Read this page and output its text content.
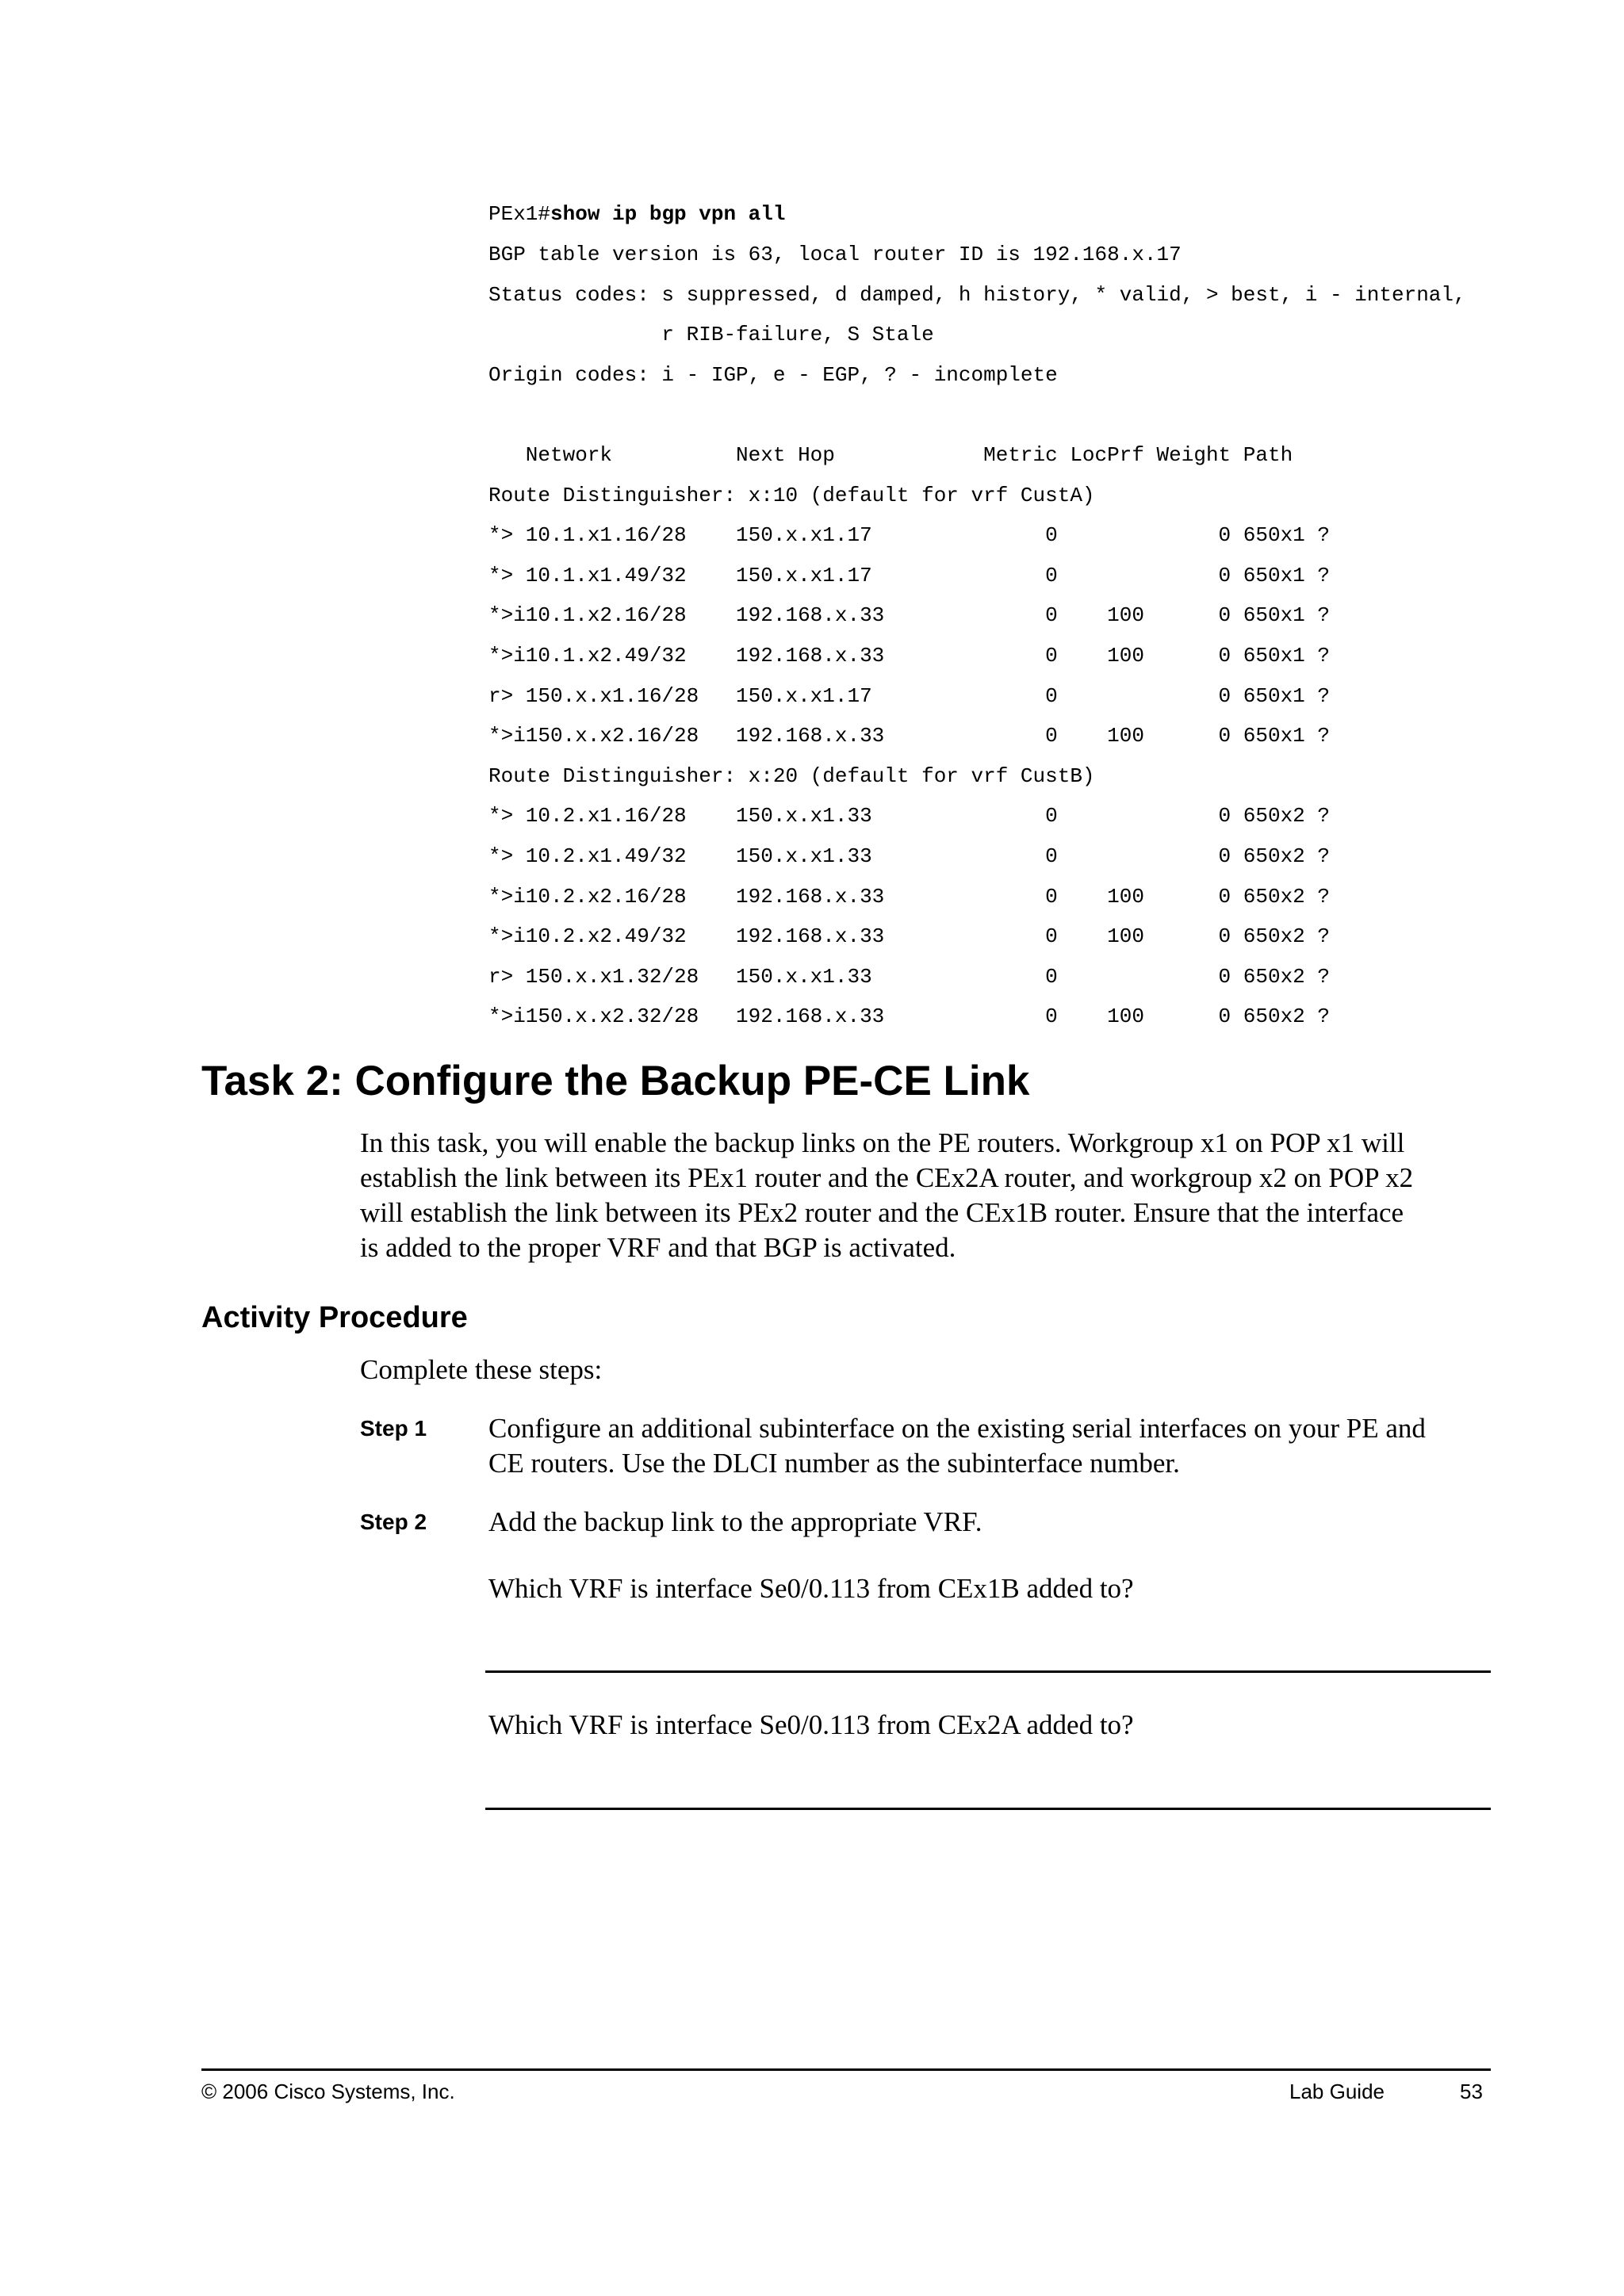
PEx1#show ip bgp vpn all
BGP table version is 63, local router ID is 192.168.x.17
Status codes: s suppressed, d damped, h history, * valid, > best, i - internal,
r RIB-failure, S Stale
Origin codes: i - IGP, e - EGP, ? - incomplete
Network          Next Hop            Metric LocPrf Weight Path
Route Distinguisher: x:10 (default for vrf CustA)
*> 10.1.x1.16/28    150.x.x1.17              0             0 650x1 ?
*> 10.1.x1.49/32    150.x.x1.17              0             0 650x1 ?
*>i10.1.x2.16/28    192.168.x.33             0    100      0 650x1 ?
*>i10.1.x2.49/32    192.168.x.33             0    100      0 650x1 ?
r> 150.x.x1.16/28   150.x.x1.17              0             0 650x1 ?
*>i150.x.x2.16/28   192.168.x.33             0    100      0 650x1 ?
Route Distinguisher: x:20 (default for vrf CustB)
*> 10.2.x1.16/28    150.x.x1.33              0             0 650x2 ?
*> 10.2.x1.49/32    150.x.x1.33              0             0 650x2 ?
*>i10.2.x2.16/28    192.168.x.33             0    100      0 650x2 ?
*>i10.2.x2.49/32    192.168.x.33             0    100      0 650x2 ?
r> 150.x.x1.32/28   150.x.x1.33              0             0 650x2 ?
*>i150.x.x2.32/28   192.168.x.33             0    100      0 650x2 ?
Task 2: Configure the Backup PE-CE Link
In this task, you will enable the backup links on the PE routers. Workgroup x1 on POP x1 will
establish the link between its PEx1 router and the CEx2A router, and workgroup x2 on POP x2
will establish the link between its PEx2 router and the CEx1B router. Ensure that the interface
is added to the proper VRF and that BGP is activated.
Activity Procedure
Complete these steps:
Step 1 Configure an additional subinterface on the existing serial interfaces on your PE and
CE routers. Use the DLCI number as the subinterface number.
Step 2 Add the backup link to the appropriate VRF.
Which VRF is interface Se0/0.113 from CEx1B added to?
Which VRF is interface Se0/0.113 from CEx2A added to?
© 2006 Cisco Systems, Inc.	Lab Guide	53
